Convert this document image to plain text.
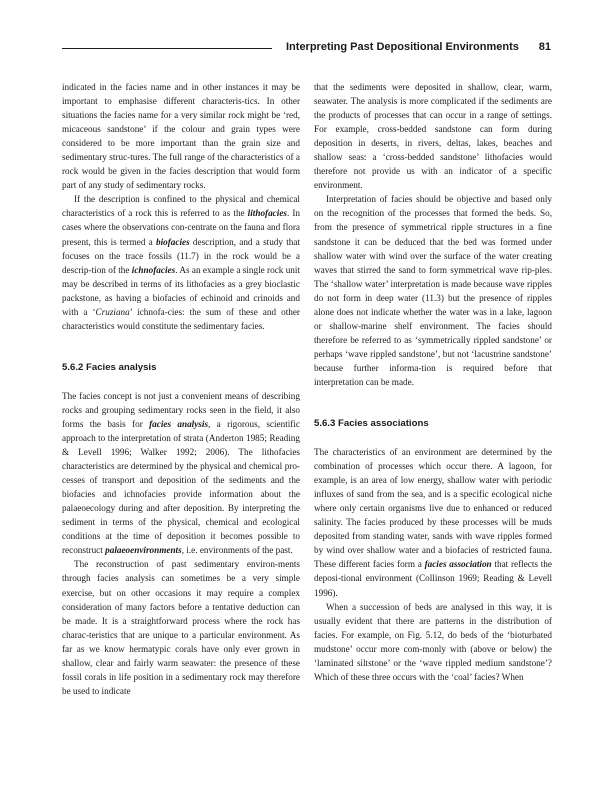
Interpreting Past Depositional Environments 81

indicated in the facies name and in other instances it may be important to emphasise different characteris-tics. In other situations the facies name for a very similar rock might be ‘red, micaceous sandstone’ if the colour and grain types were considered to be more important than the grain size and sedimentary struc-tures. The full range of the characteristics of a rock would be given in the facies description that would form part of any study of sedimentary rocks.

If the description is confined to the physical and chemical characteristics of a rock this is referred to as the lithofacies. In cases where the observations con-centrate on the fauna and flora present, this is termed a biofacies description, and a study that focuses on the trace fossils (11.7) in the rock would be a descrip-tion of the ichnofacies. As an example a single rock unit may be described in terms of its lithofacies as a grey bioclastic packstone, as having a biofacies of echinoid and crinoids and with a ‘Cruziana’ ichnofa-cies: the sum of these and other characteristics would constitute the sedimentary facies.

5.6.2 Facies analysis

The facies concept is not just a convenient means of describing rocks and grouping sedimentary rocks seen in the field, it also forms the basis for facies analysis, a rigorous, scientific approach to the interpretation of strata (Anderton 1985; Reading & Levell 1996; Walker 1992; 2006). The lithofacies characteristics are determined by the physical and chemical pro-cesses of transport and deposition of the sediments and the biofacies and ichnofacies provide information about the palaeoecology during and after deposition. By interpreting the sediment in terms of the physical, chemical and ecological conditions at the time of deposition it becomes possible to reconstruct palaeoenvironments, i.e. environments of the past.

The reconstruction of past sedimentary environ-ments through facies analysis can sometimes be a very simple exercise, but on other occasions it may require a complex consideration of many factors before a tentative deduction can be made. It is a straightforward process where the rock has charac-teristics that are unique to a particular environment. As far as we know hermatypic corals have only ever grown in shallow, clear and fairly warm seawater: the presence of these fossil corals in life position in a sedimentary rock may therefore be used to indicate

that the sediments were deposited in shallow, clear, warm, seawater. The analysis is more complicated if the sediments are the products of processes that can occur in a range of settings. For example, cross-bedded sandstone can form during deposition in deserts, in rivers, deltas, lakes, beaches and shallow seas: a ‘cross-bedded sandstone’ lithofacies would therefore not provide us with an indicator of a specific environment.

Interpretation of facies should be objective and based only on the recognition of the processes that formed the beds. So, from the presence of symmetrical ripple structures in a fine sandstone it can be deduced that the bed was formed under shallow water with wind over the surface of the water creating waves that stirred the sand to form symmetrical wave rip-ples. The ‘shallow water’ interpretation is made because wave ripples do not form in deep water (11.3) but the presence of ripples alone does not indicate whether the water was in a lake, lagoon or shallow-marine shelf environment. The facies should therefore be referred to as ‘symmetrically rippled sandstone’ or perhaps ‘wave rippled sandstone’, but not ‘lacustrine sandstone’ because further informa-tion is required before that interpretation can be made.

5.6.3 Facies associations

The characteristics of an environment are determined by the combination of processes which occur there. A lagoon, for example, is an area of low energy, shallow water with periodic influxes of sand from the sea, and is a specific ecological niche where only certain organisms live due to enhanced or reduced salinity. The facies produced by these processes will be muds deposited from standing water, sands with wave ripples formed by wind over shallow water and a biofacies of restricted fauna. These different facies form a facies association that reflects the deposi-tional environment (Collinson 1969; Reading & Levell 1996).

When a succession of beds are analysed in this way, it is usually evident that there are patterns in the distribution of facies. For example, on Fig. 5.12, do beds of the ‘bioturbated mudstone’ occur more com-monly with (above or below) the ‘laminated siltstone’ or the ‘wave rippled medium sandstone’? Which of these three occurs with the ‘coal’ facies? When
